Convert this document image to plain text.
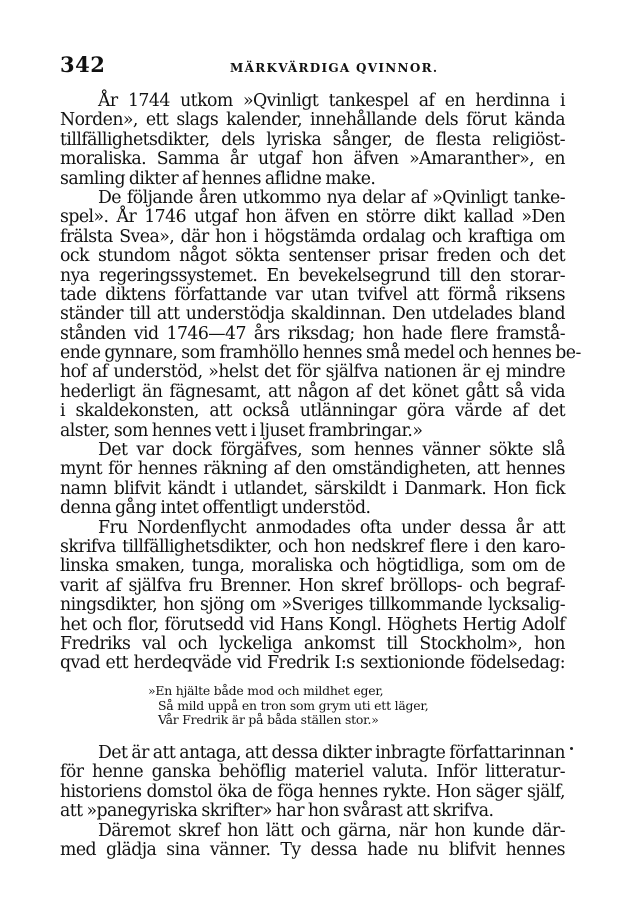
342	MÄRKVÄRDIGA QVINNOR.
År 1744 utkom »Qvinligt tankespel af en herdinna i
Norden», ett slags kalender, innehållande dels förut kända
tillfällighetsdikter, dels lyriska sånger, de flesta religiöst-
moraliska. Samma år utgaf hon äfven »Amaranther», en
samling dikter af hennes aflidne make.
De följande åren utkommo nya delar af »Qvinligt tanke-
spel». År 1746 utgaf hon äfven en större dikt kallad »Den
frälsta Svea», där hon i högstämda ordalag och kraftiga om
ock stundom något sökta sentenser prisar freden och det
nya regeringssystemet. En bevekelsegrund till den storar-
tade diktens författande var utan tvifvel att förmå riksens
ständer till att understödja skaldinnan. Den utdelades bland
stånden vid 1746—47 års riksdag; hon hade flere framstå-
ende gynnare, som framhöllo hennes små medel och hennes be-
hof af understöd, »helst det för själfva nationen är ej mindre
hederligt än fägnesamt, att någon af det könet gått så vida
i skaldekonsten, att också utlänningar göra värde af det
alster, som hennes vett i ljuset frambringar.»
Det var dock förgäfves, som hennes vänner sökte slå
mynt för hennes räkning af den omständigheten, att hennes
namn blifvit kändt i utlandet, särskildt i Danmark. Hon fick
denna gång intet offentligt understöd.
Fru Nordenflycht anmodades ofta under dessa år att
skrifva tillfällighetsdikter, och hon nedskref flere i den karo-
linska smaken, tunga, moraliska och högtidliga, som om de
varit af själfva fru Brenner. Hon skref bröllops- och begraf-
ningsdikter, hon sjöng om »Sveriges tillkommande lycksalig-
het och flor, förutsedd vid Hans Kongl. Höghets Hertig Adolf
Fredriks val och lyckeliga ankomst till Stockholm», hon
qvad ett herdeqväde vid Fredrik I:s sextionionde födelsedag:
»En hjälte både mod och mildhet eger,
Så mild uppå en tron som grym uti ett läger,
Vår Fredrik är på båda ställen stor.»
Det är att antaga, att dessa dikter inbragte författarinnan
för henne ganska behöflig materiel valuta. Inför litteratur-
historiens domstol öka de föga hennes rykte. Hon säger själf,
att »panegyriska skrifter» har hon svårast att skrifva.
Däremot skref hon lätt och gärna, när hon kunde där-
med glädja sina vänner. Ty dessa hade nu blifvit hennes
